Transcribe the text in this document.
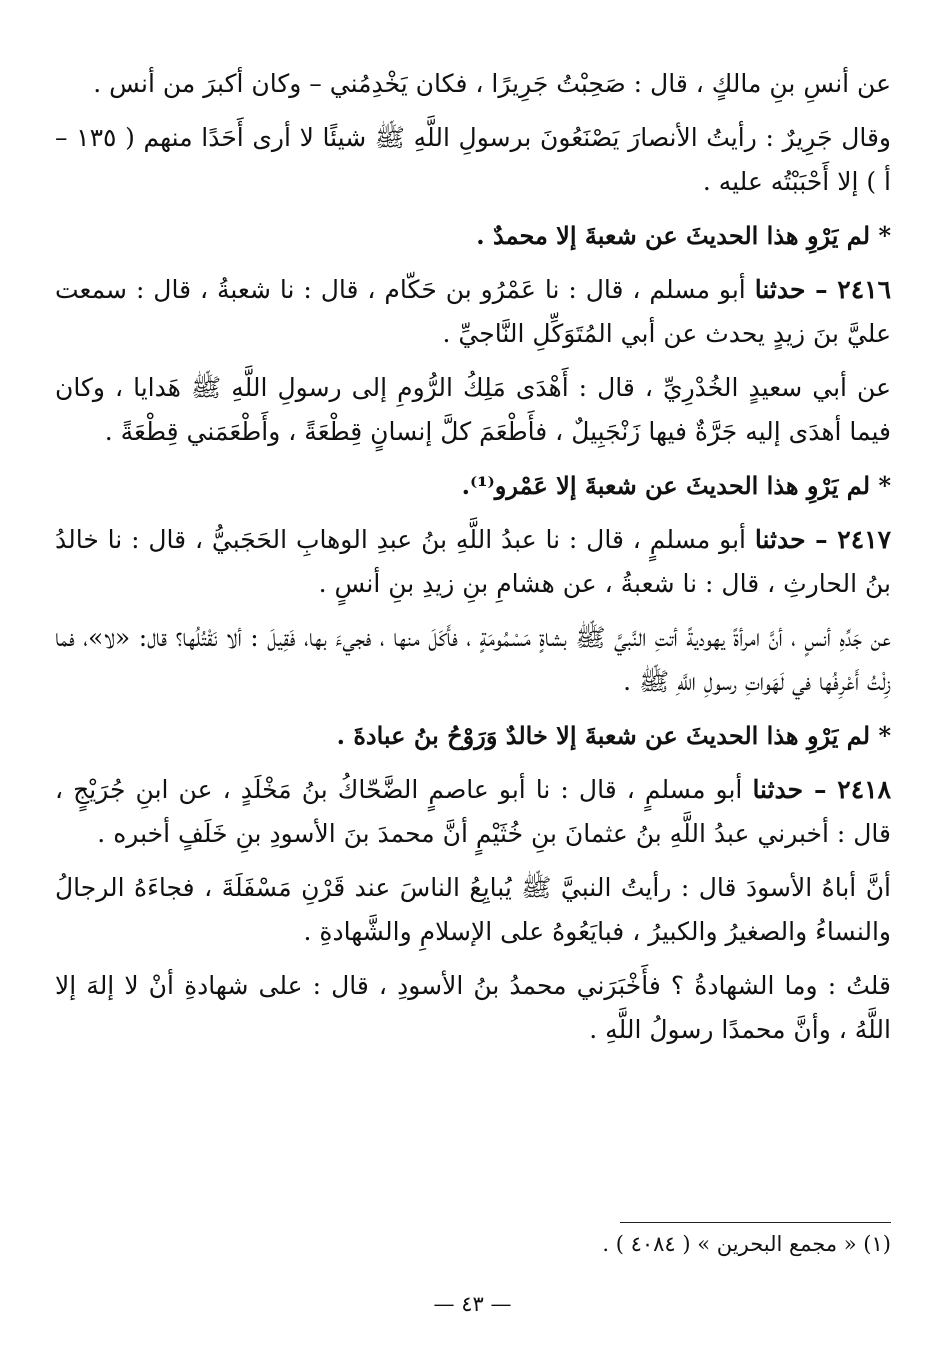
عن أنسِ بنِ مالكٍ ، قال : صَحِبْتُ جَرِيرًا ، فكان يَخْدِمُني – وكان أكبرَ من أنس .

وقال جَرِيرٌ : رأيتُ الأنصارَ يَصْنَعُونَ برسولِ اللَّهِ ﷺ شيئًا لا أرى أَحَدًا منهم ( ١٣٥ – أ ) إلا أَحْبَبْتُه عليه .

* لم يَرْوِ هذا الحديثَ عن شعبةَ إلا محمدٌ .

٢٤١٦ – حدثنا أبو مسلم ، قال : نا عَمْرُو بن حَكّام ، قال : نا شعبةُ ، قال : سمعت عليَّ بنَ زيدٍ يحدث عن أبي المُتَوَكِّلِ النَّاجيِّ .

عن أبي سعيدٍ الخُدْرِيِّ ، قال : أَهْدَى مَلِكُ الرُّومِ إلى رسولِ اللَّهِ ﷺ هَدايا ، وكان فيما أهدَى إليه جَرَّةٌ فيها زَنْجَبِيلٌ ، فأَطْعَمَ كلَّ إنسانٍ قِطْعَةً ، وأَطْعَمَني قِطْعَةً .

* لم يَرْوِ هذا الحديثَ عن شعبةَ إلا عَمْرو⁽¹⁾.

٢٤١٧ – حدثنا أبو مسلمٍ ، قال : نا عبدُ اللَّهِ بنُ عبدِ الوهابِ الحَجَبيُّ ، قال : نا خالدُ بنُ الحارثِ ، قال : نا شعبةُ ، عن هشامِ بنِ زيدِ بنِ أنسٍ .

عن جَدِّهِ أنسٍ ، أنَّ امرأةً يهوديةً أتتِ النَّبيَّ ﷺ بشاةٍ مَسْمُومَةٍ ، فأَكَلَ منها ، فجيءَ بها، فَقِيلَ : ألا نَقْتُلُها؟ قال: «لا»، فما زِلْتُ أَعْرِفُها في لَهَواتِ رسولِ اللَّهِ ﷺ .

* لم يَرْوِ هذا الحديثَ عن شعبةَ إلا خالدٌ وَرَوْحُ بنُ عبادةَ .

٢٤١٨ – حدثنا أبو مسلمٍ ، قال : نا أبو عاصمٍ الضَّحّاكُ بنُ مَخْلَدٍ ، عن ابنِ جُرَيْجٍ ، قال : أخبرني عبدُ اللَّهِ بنُ عثمانَ بنِ خُثَيْمٍ أنَّ محمدَ بنَ الأسودِ بنِ خَلَفٍ أخبره .

أنَّ أباهُ الأسودَ قال : رأيتُ النبيَّ ﷺ يُبايِعُ الناسَ عند قَرْنِ مَسْفَلَةَ ، فجاءَهُ الرجالُ والنساءُ والصغيرُ والكبيرُ ، فبايَعُوهُ على الإسلامِ والشَّهادةِ .

قلتُ : وما الشهادةُ ؟ فأَخْبَرَني محمدُ بنُ الأسودِ ، قال : على شهادةِ أنْ لا إلهَ إلا اللَّهُ ، وأنَّ محمدًا رسولُ اللَّهِ .

(١) « مجمع البحرين » ( ٤٠٨٤ ) .
— ٤٣ —
